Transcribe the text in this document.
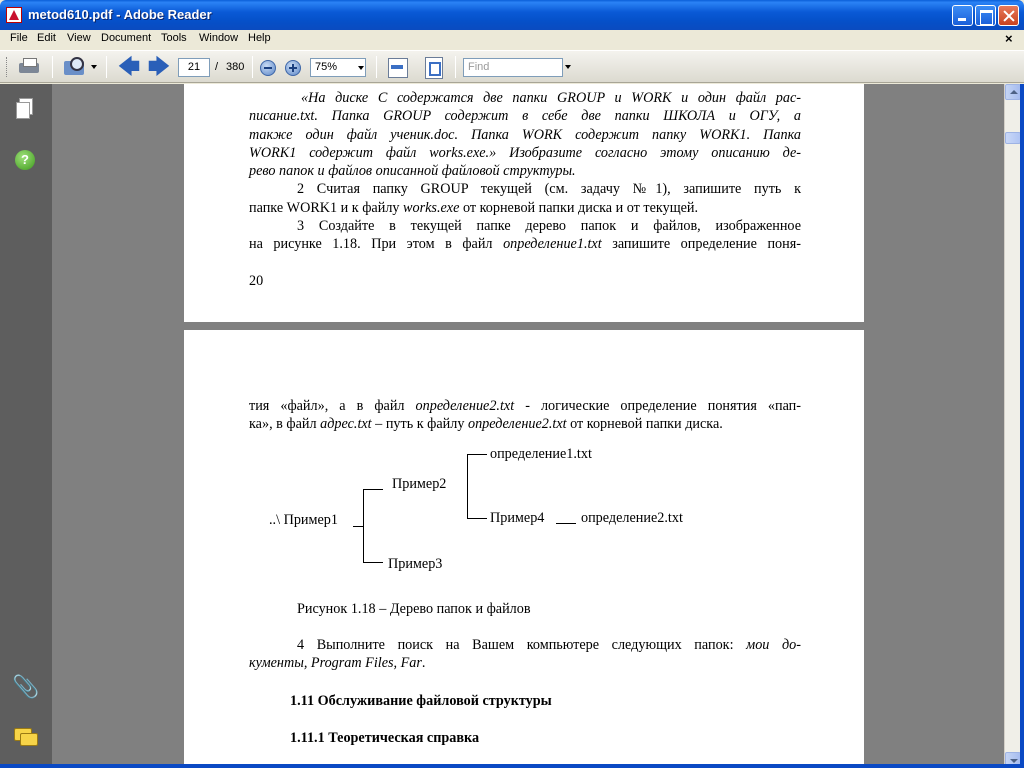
metod610.pdf - Adobe Reader
File Edit View Document Tools Window Help	×
🡄 🡆	21	/ 380	75%	Find
?
📎
«На диске C содержатся две папки GROUP и WORK и один файл рас-
писание.txt. Папка GROUP содержит в себе две папки ШКОЛА и ОГУ, а
также один файл ученик.doc. Папка WORK содержит папку WORK1. Папка
WORK1 содержит файл works.exe.» Изобразите согласно этому описанию де-
рево папок и файлов описанной файловой структуры.
2 Считая папку GROUP текущей (см. задачу №1), запишите путь к
папке WORK1 и к файлу works.exe от корневой папки диска и от текущей.
3 Создайте в текущей папке дерево папок и файлов, изображенное
на рисунке 1.18. При этом в файл определение1.txt запишите определение поня-
20
тия «файл», а в файл определение2.txt - логические определение понятия «пап-
ка», в файл адрес.txt – путь к файлу определение2.txt от корневой папки диска.
..\ Пример1
Пример2
Пример3
определение1.txt
Пример4	определение2.txt
Рисунок 1.18 – Дерево папок и файлов
4 Выполните поиск на Вашем компьютере следующих папок: мои до-
кументы, Program Files, Far.
1.11 Обслуживание файловой структуры
1.11.1 Теоретическая справка
